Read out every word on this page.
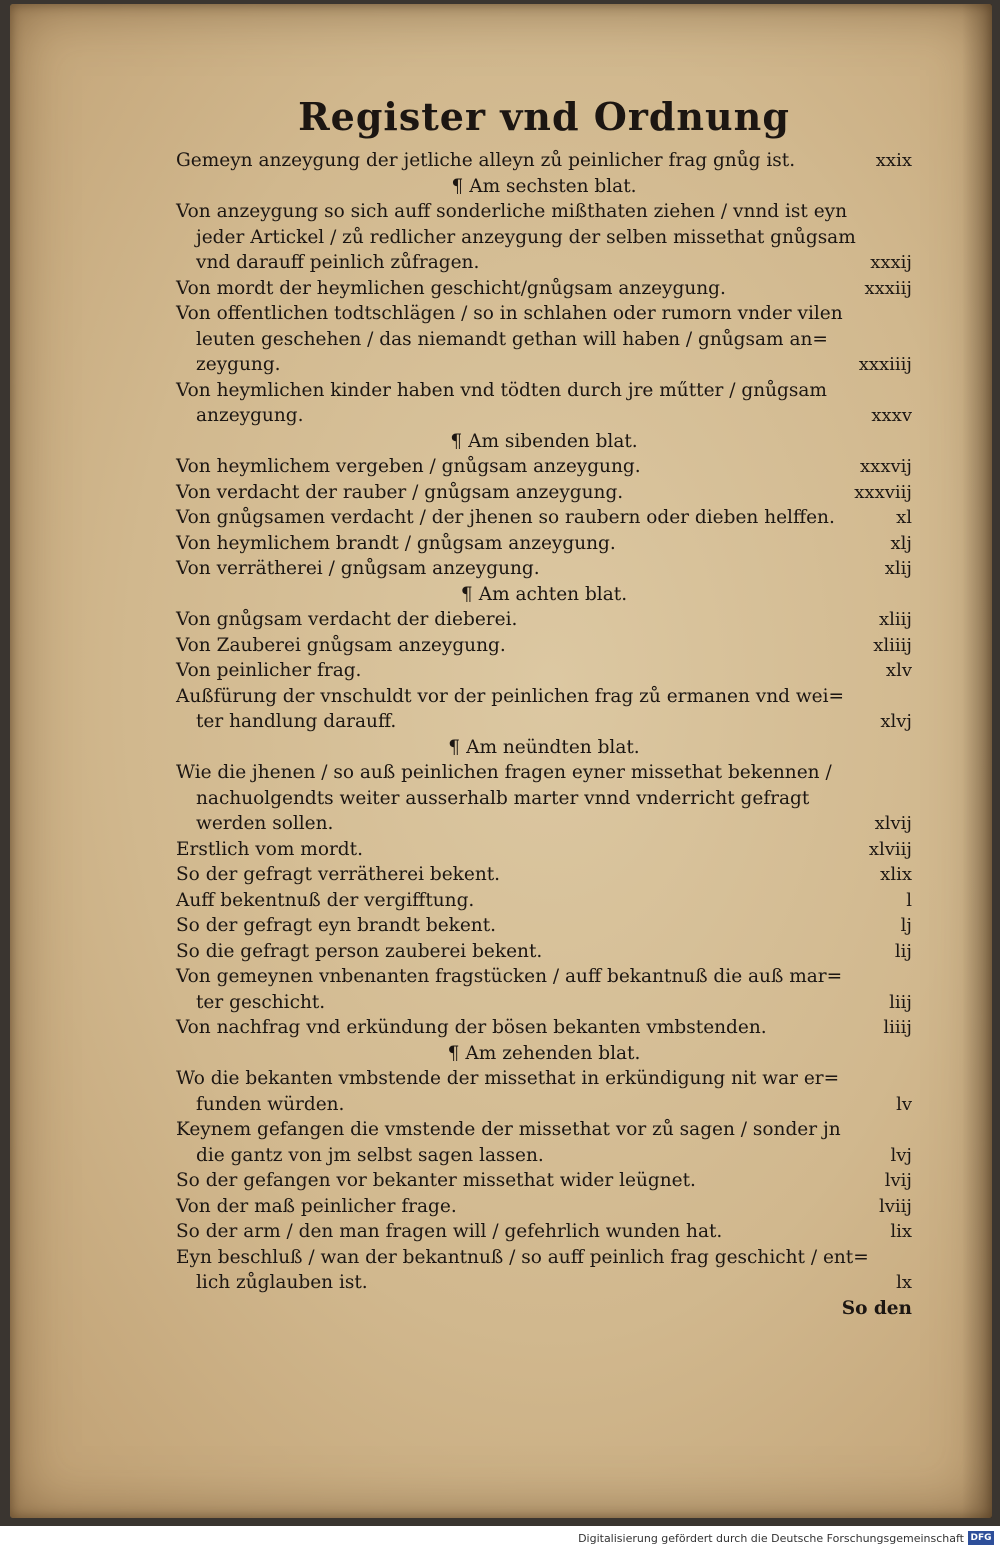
Register vnd Ordnung
Gemeyn anzeygung der jetliche alleyn zů peinlicher frag gnůg ist.	xxix
¶ Am sechsten blat.
Von anzeygung so sich auff sonderliche mißthaten ziehen / vnnd ist eyn
jeder Artickel / zů redlicher anzeygung der selben missethat gnůgsam
vnd darauff peinlich zůfragen.	xxxij
Von mordt der heymlichen geschicht/gnůgsam anzeygung.	xxxiij
Von offentlichen todtschlägen / so in schlahen oder rumorn vnder vilen
leuten geschehen / das niemandt gethan will haben / gnůgsam an=
zeygung.	xxxiiij
Von heymlichen kinder haben vnd tödten durch jre műtter / gnůgsam
anzeygung.	xxxv
¶ Am sibenden blat.
Von heymlichem vergeben / gnůgsam anzeygung.	xxxvij
Von verdacht der rauber / gnůgsam anzeygung.	xxxviij
Von gnůgsamen verdacht / der jhenen so raubern oder dieben helffen.	xl
Von heymlichem brandt / gnůgsam anzeygung.	xlj
Von verrätherei / gnůgsam anzeygung.	xlij
¶ Am achten blat.
Von gnůgsam verdacht der dieberei.	xliij
Von Zauberei gnůgsam anzeygung.	xliiij
Von peinlicher frag.	xlv
Außfürung der vnschuldt vor der peinlichen frag zů ermanen vnd wei=
ter handlung darauff.	xlvj
¶ Am neündten blat.
Wie die jhenen / so auß peinlichen fragen eyner missethat bekennen /
nachuolgendts weiter ausserhalb marter vnnd vnderricht gefragt
werden sollen.	xlvij
Erstlich vom mordt.	xlviij
So der gefragt verrätherei bekent.	xlix
Auff bekentnuß der vergifftung.	l
So der gefragt eyn brandt bekent.	lj
So die gefragt person zauberei bekent.	lij
Von gemeynen vnbenanten fragstücken / auff bekantnuß die auß mar=
ter geschicht.	liij
Von nachfrag vnd erkündung der bösen bekanten vmbstenden.	liiij
¶ Am zehenden blat.
Wo die bekanten vmbstende der missethat in erkündigung nit war er=
funden würden.	lv
Keynem gefangen die vmstende der missethat vor zů sagen / sonder jn
die gantz von jm selbst sagen lassen.	lvj
So der gefangen vor bekanter missethat wider leügnet.	lvij
Von der maß peinlicher frage.	lviij
So der arm / den man fragen will / gefehrlich wunden hat.	lix
Eyn beschluß / wan der bekantnuß / so auff peinlich frag geschicht / ent=
lich zůglauben ist.	lx
So den
Digitalisierung gefördert durch die Deutsche Forschungsgemeinschaft DFG
